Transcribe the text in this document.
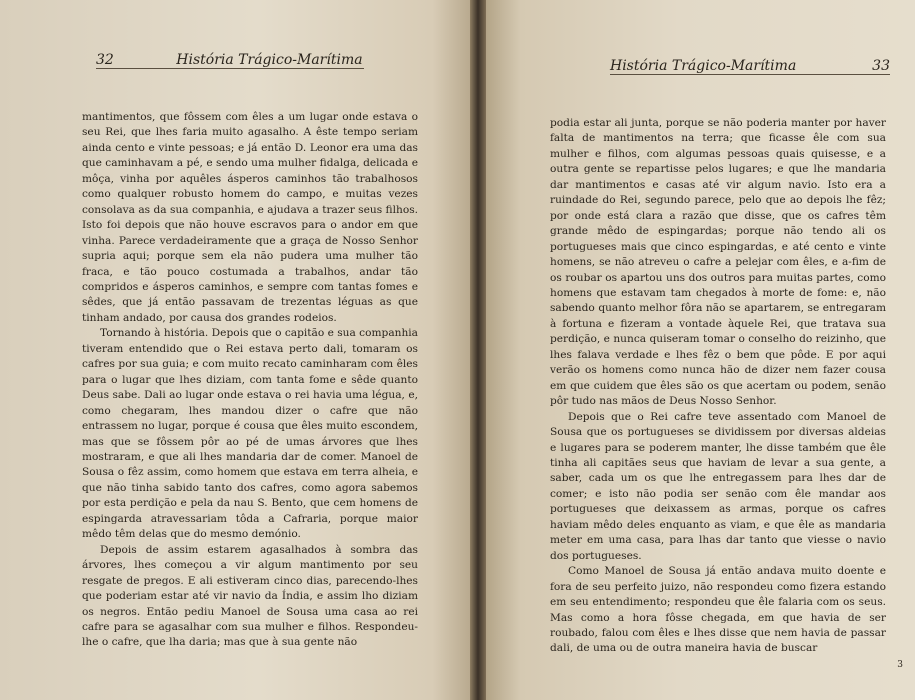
32	História Trágico-Marítima

mantimentos, que fôssem com êles a um lugar onde estava o seu Rei, que lhes faria muito agasalho. A êste tempo seriam ainda cento e vinte pessoas; e já então D. Leonor era uma das que caminhavam a pé, e sendo uma mulher fidalga, delicada e môça, vinha por aquêles ásperos caminhos tão trabalhosos como qualquer robusto homem do campo, e muitas vezes consolava as da sua companhia, e ajudava a trazer seus filhos. Isto foi depois que não houve escravos para o andor em que vinha. Parece verdadeiramente que a graça de Nosso Senhor supria aqui; porque sem ela não pudera uma mulher tão fraca, e tão pouco costumada a trabalhos, andar tão compridos e ásperos caminhos, e sempre com tantas fomes e sêdes, que já então passavam de trezentas léguas as que tinham andado, por causa dos grandes rodeios.

Tornando à história. Depois que o capitão e sua companhia tiveram entendido que o Rei estava perto dali, tomaram os cafres por sua guia; e com muito recato caminharam com êles para o lugar que lhes diziam, com tanta fome e sêde quanto Deus sabe. Dali ao lugar onde estava o rei havia uma légua, e, como chegaram, lhes mandou dizer o cafre que não entrassem no lugar, porque é cousa que êles muito escondem, mas que se fôssem pôr ao pé de umas árvores que lhes mostraram, e que ali lhes mandaria dar de comer. Manoel de Sousa o fêz assim, como homem que estava em terra alheia, e que não tinha sabido tanto dos cafres, como agora sabemos por esta perdição e pela da nau S. Bento, que cem homens de espingarda atravessariam tôda a Cafraria, porque maior mêdo têm delas que do mesmo demónio.

Depois de assim estarem agasalhados à sombra das árvores, lhes começou a vir algum mantimento por seu resgate de pregos. E ali estiveram cinco dias, parecendo-lhes que poderiam estar até vir navio da Índia, e assim lho diziam os negros. Então pediu Manoel de Sousa uma casa ao rei cafre para se agasalhar com sua mulher e filhos. Respondeu-lhe o cafre, que lha daria; mas que à sua gente não

História Trágico-Marítima	33

podia estar ali junta, porque se não poderia manter por haver falta de mantimentos na terra; que ficasse êle com sua mulher e filhos, com algumas pessoas quais quisesse, e a outra gente se repartisse pelos lugares; e que lhe mandaria dar mantimentos e casas até vir algum navio. Isto era a ruindade do Rei, segundo parece, pelo que ao depois lhe fêz; por onde está clara a razão que disse, que os cafres têm grande mêdo de espingardas; porque não tendo ali os portugueses mais que cinco espingardas, e até cento e vinte homens, se não atreveu o cafre a pelejar com êles, e a-fim de os roubar os apartou uns dos outros para muitas partes, como homens que estavam tam chegados à morte de fome: e, não sabendo quanto melhor fôra não se apartarem, se entregaram à fortuna e fizeram a vontade àquele Rei, que tratava sua perdição, e nunca quiseram tomar o conselho do reizinho, que lhes falava verdade e lhes fêz o bem que pôde. E por aqui verão os homens como nunca hão de dizer nem fazer cousa em que cuidem que êles são os que acertam ou podem, senão pôr tudo nas mãos de Deus Nosso Senhor.

Depois que o Rei cafre teve assentado com Manoel de Sousa que os portugueses se dividissem por diversas aldeias e lugares para se poderem manter, lhe disse também que êle tinha ali capitães seus que haviam de levar a sua gente, a saber, cada um os que lhe entregassem para lhes dar de comer; e isto não podia ser senão com êle mandar aos portugueses que deixassem as armas, porque os cafres haviam mêdo deles enquanto as viam, e que êle as mandaria meter em uma casa, para lhas dar tanto que viesse o navio dos portugueses.

Como Manoel de Sousa já então andava muito doente e fora de seu perfeito juizo, não respondeu como fizera estando em seu entendimento; respondeu que êle falaria com os seus. Mas como a hora fôsse chegada, em que havia de ser roubado, falou com êles e lhes disse que nem havia de passar dali, de uma ou de outra maneira havia de buscar

3
